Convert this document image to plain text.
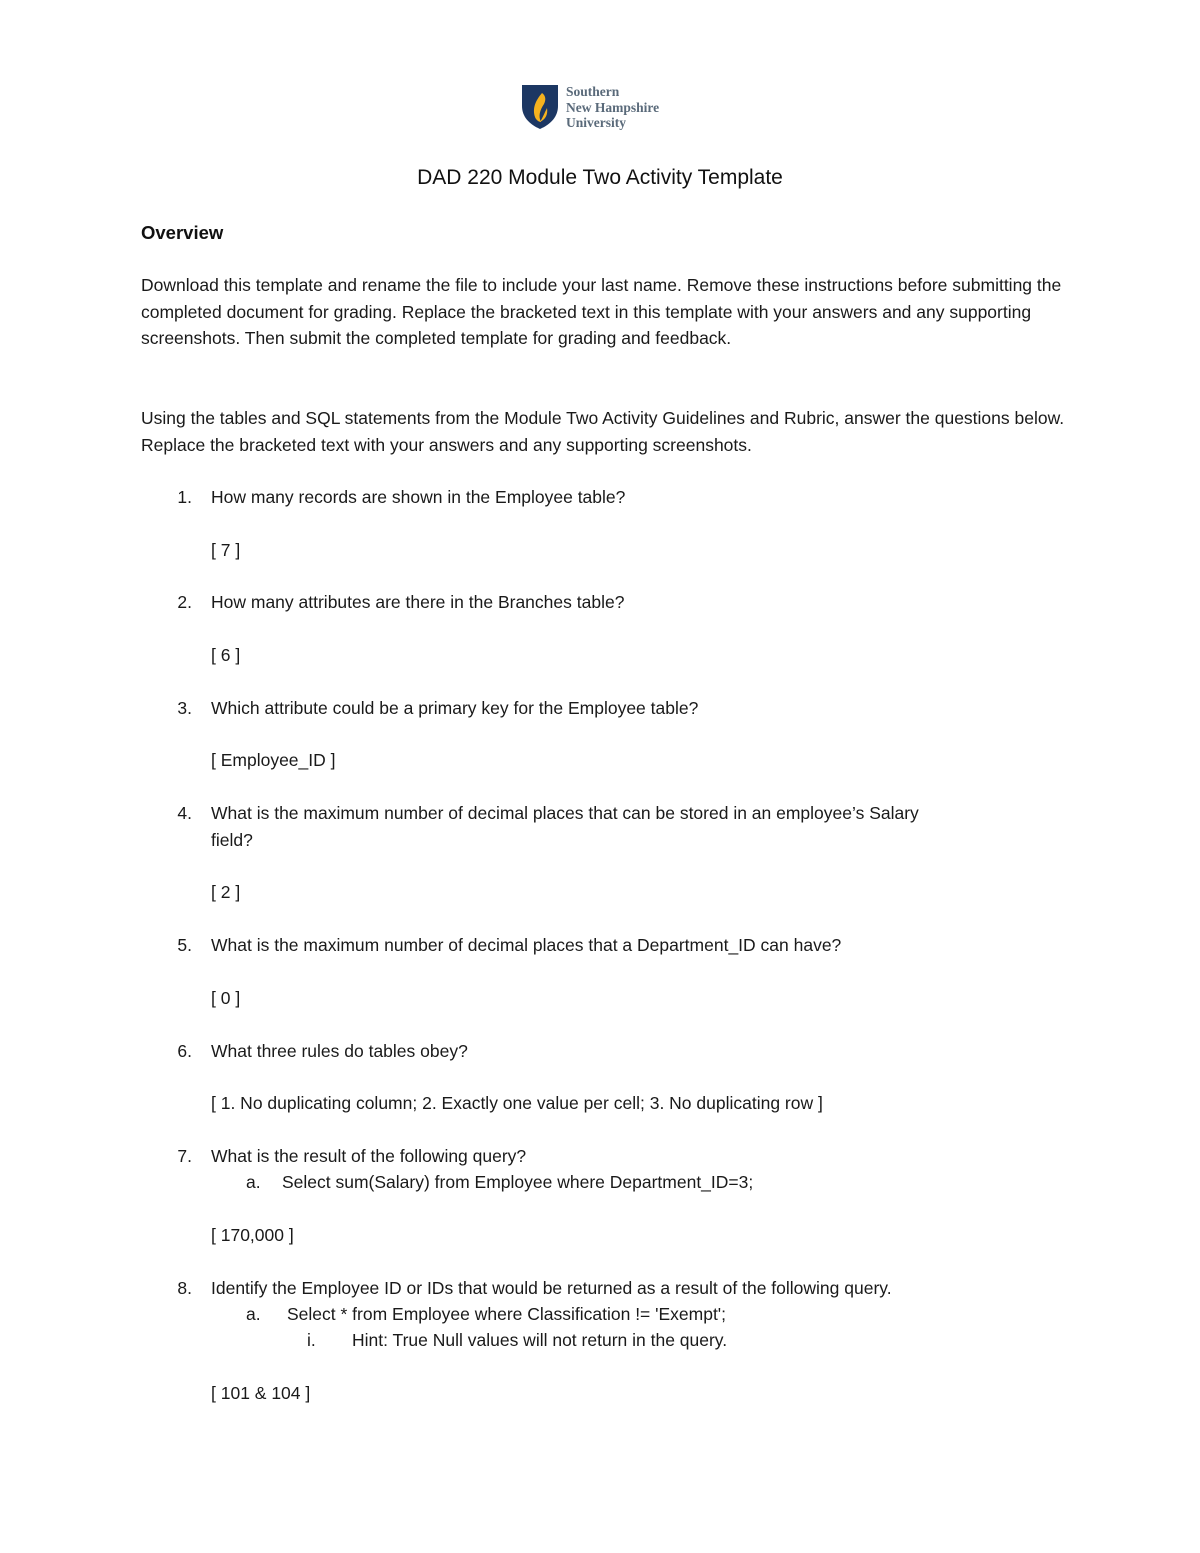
Southern
New Hampshire
University
DAD 220 Module Two Activity Template
Overview
Download this template and rename the file to include your last name. Remove these instructions before submitting the completed document for grading. Replace the bracketed text in this template with your answers and any supporting screenshots. Then submit the completed template for grading and feedback.
Using the tables and SQL statements from the Module Two Activity Guidelines and Rubric, answer the questions below. Replace the bracketed text with your answers and any supporting screenshots.
1. How many records are shown in the Employee table?
[ 7 ]
2. How many attributes are there in the Branches table?
[ 6 ]
3. Which attribute could be a primary key for the Employee table?
[ Employee_ID ]
4. What is the maximum number of decimal places that can be stored in an employee’s Salary
field?
[ 2 ]
5. What is the maximum number of decimal places that a Department_ID can have?
[ 0 ]
6. What three rules do tables obey?
[ 1. No duplicating column; 2. Exactly one value per cell; 3. No duplicating row ]
7. What is the result of the following query?
a. Select sum(Salary) from Employee where Department_ID=3;
[ 170,000 ]
8. Identify the Employee ID or IDs that would be returned as a result of the following query.
a. Select * from Employee where Classification != 'Exempt';
i. Hint: True Null values will not return in the query.
[ 101 & 104 ]
